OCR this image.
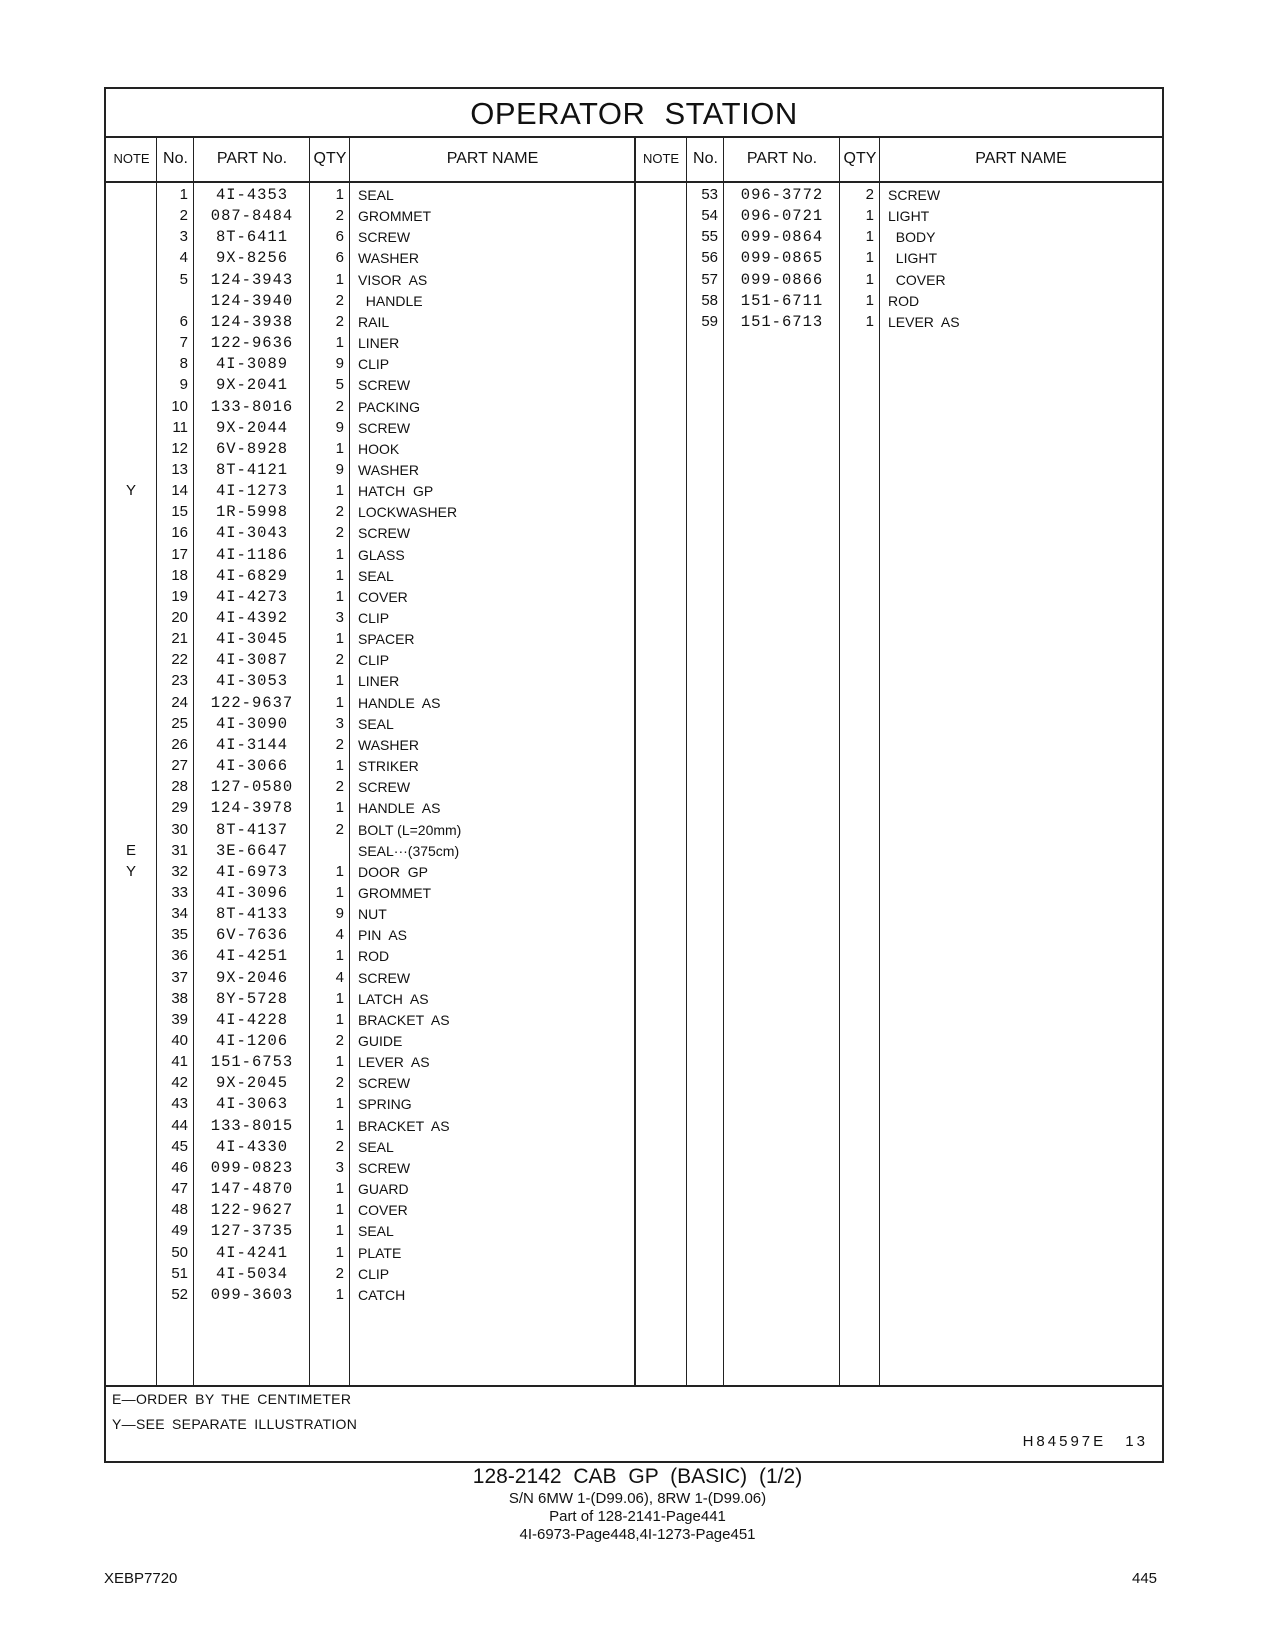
OPERATOR STATION
NOTE No.	PART No.	QTY	PART NAME	NOTE No.	PART No.	QTY	PART NAME
1	4I-4353	1 SEAL
2	087-8484	2 GROMMET
3	8T-6411	6 SCREW
4	9X-8256	6 WASHER
5	124-3943	1 VISOR  AS
124-3940	2 HANDLE
6	124-3938	2 RAIL
7	122-9636	1 LINER
8	4I-3089	9 CLIP
9	9X-2041	5 SCREW
10	133-8016	2 PACKING
11	9X-2044	9 SCREW
12	6V-8928	1 HOOK
13	8T-4121	9 WASHER
Y	14	4I-1273	1 HATCH  GP
15	1R-5998	2 LOCKWASHER
16	4I-3043	2 SCREW
17	4I-1186	1 GLASS
18	4I-6829	1 SEAL
19	4I-4273	1 COVER
20	4I-4392	3 CLIP
21	4I-3045	1 SPACER
22	4I-3087	2 CLIP
23	4I-3053	1 LINER
24	122-9637	1 HANDLE  AS
25	4I-3090	3 SEAL
26	4I-3144	2 WASHER
27	4I-3066	1 STRIKER
28	127-0580	2 SCREW
29	124-3978	1 HANDLE  AS
30	8T-4137	2 BOLT (L=20mm)
E	31	3E-6647	SEAL···(375cm)
Y	32	4I-6973	1 DOOR  GP
33	4I-3096	1 GROMMET
34	8T-4133	9 NUT
35	6V-7636	4 PIN  AS
36	4I-4251	1 ROD
37	9X-2046	4 SCREW
38	8Y-5728	1 LATCH  AS
39	4I-4228	1 BRACKET  AS
40	4I-1206	2 GUIDE
41	151-6753	1 LEVER  AS
42	9X-2045	2 SCREW
43	4I-3063	1 SPRING
44	133-8015	1 BRACKET  AS
45	4I-4330	2 SEAL
46	099-0823	3 SCREW
47	147-4870	1 GUARD
48	122-9627	1 COVER
49	127-3735	1 SEAL
50	4I-4241	1 PLATE
51	4I-5034	2 CLIP
52	099-3603	1 CATCH
53	096-3772	2 SCREW
54	096-0721	1 LIGHT
55	099-0864	1 BODY
56	099-0865	1 LIGHT
57	099-0866	1 COVER
58	151-6711	1 ROD
59	151-6713	1 LEVER  AS
E—ORDER BY THE CENTIMETER
Y—SEE SEPARATE ILLUSTRATION
H84597E 13
128-2142 CAB GP (BASIC) (1/2)
S/N 6MW 1-(D99.06), 8RW 1-(D99.06)
Part of 128-2141-Page441
4I-6973-Page448,4I-1273-Page451
XEBP7720	445
